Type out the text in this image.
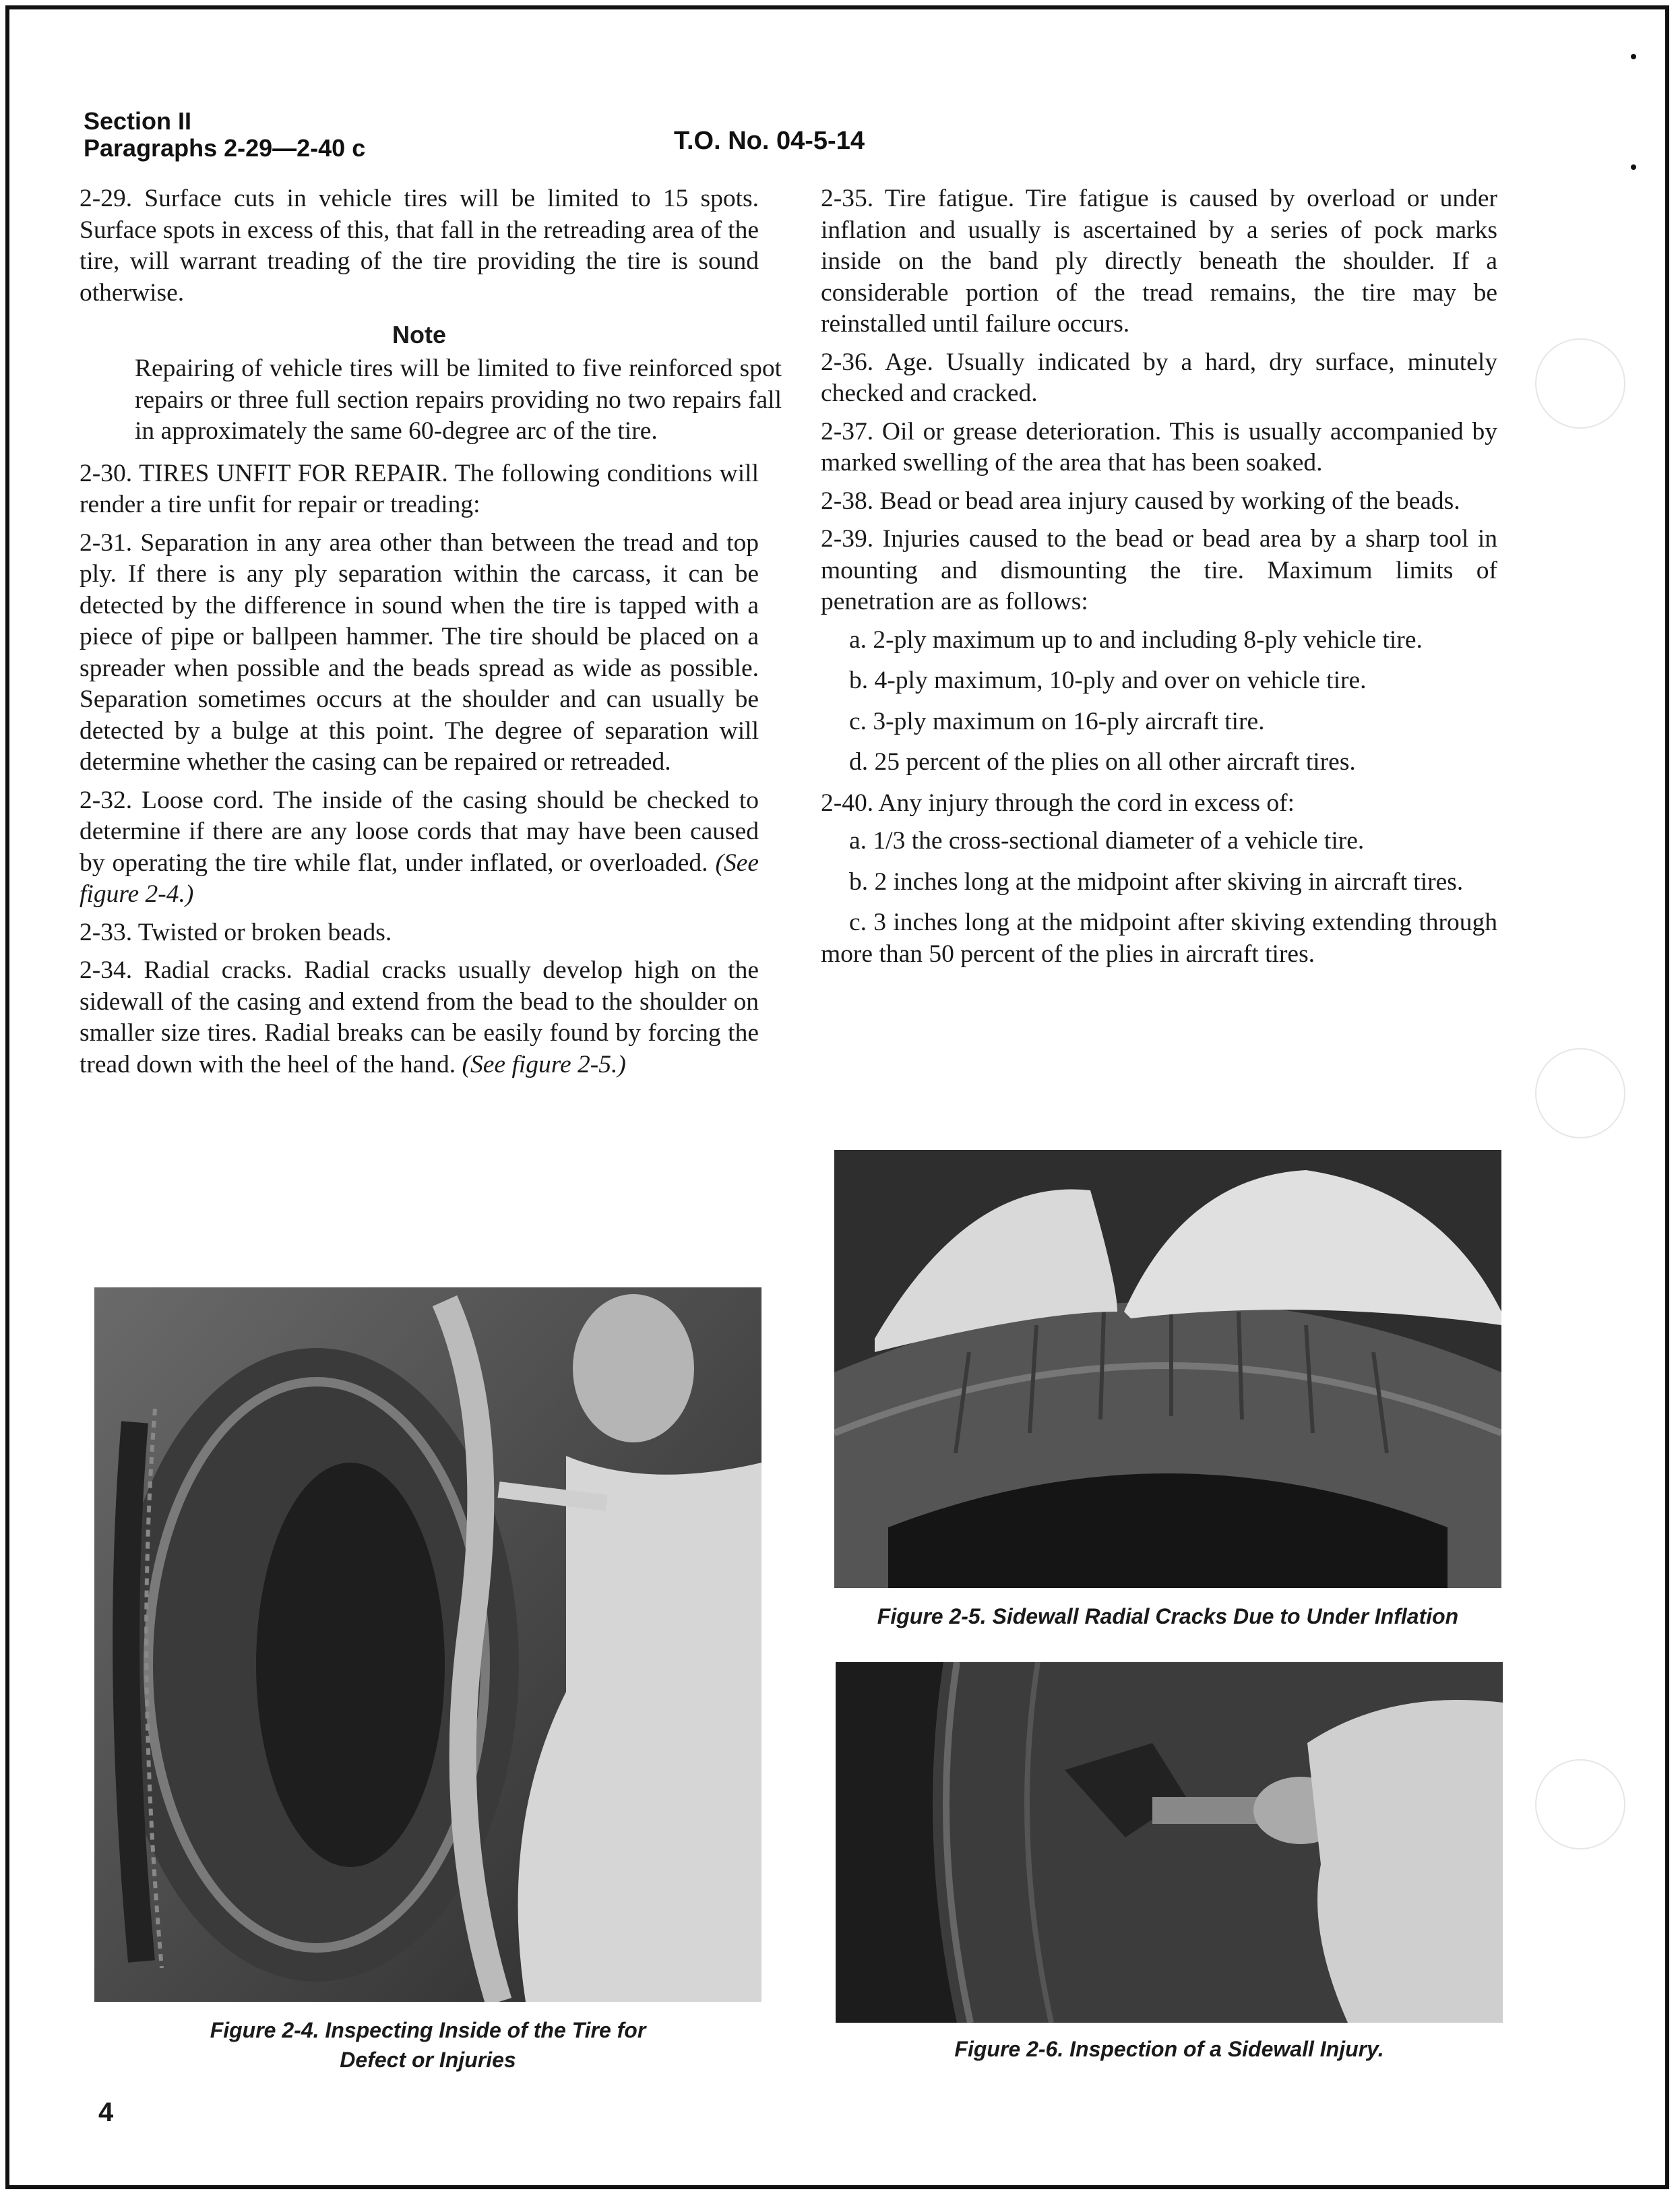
Section II
Paragraphs 2-29—2-40 c	T.O. No. 04-5-14

2-29. Surface cuts in vehicle tires will be limited to 15 spots. Surface spots in excess of this, that fall in the retreading area of the tire, will warrant treading of the tire providing the tire is sound otherwise.

Note

Repairing of vehicle tires will be limited to five reinforced spot repairs or three full section repairs providing no two repairs fall in approximately the same 60-degree arc of the tire.

2-30. TIRES UNFIT FOR REPAIR. The following conditions will render a tire unfit for repair or treading:

2-31. Separation in any area other than between the tread and top ply. If there is any ply separation within the carcass, it can be detected by the difference in sound when the tire is tapped with a piece of pipe or ballpeen hammer. The tire should be placed on a spreader when possible and the beads spread as wide as possible. Separation sometimes occurs at the shoulder and can usually be detected by a bulge at this point. The degree of separation will determine whether the casing can be repaired or retreaded.

2-32. Loose cord. The inside of the casing should be checked to determine if there are any loose cords that may have been caused by operating the tire while flat, under inflated, or overloaded. (See figure 2-4.)

2-33. Twisted or broken beads.

2-34. Radial cracks. Radial cracks usually develop high on the sidewall of the casing and extend from the bead to the shoulder on smaller size tires. Radial breaks can be easily found by forcing the tread down with the heel of the hand. (See figure 2-5.)

2-35. Tire fatigue. Tire fatigue is caused by overload or under inflation and usually is ascertained by a series of pock marks inside on the band ply directly beneath the shoulder. If a considerable portion of the tread remains, the tire may be reinstalled until failure occurs.

2-36. Age. Usually indicated by a hard, dry surface, minutely checked and cracked.

2-37. Oil or grease deterioration. This is usually accompanied by marked swelling of the area that has been soaked.

2-38. Bead or bead area injury caused by working of the beads.

2-39. Injuries caused to the bead or bead area by a sharp tool in mounting and dismounting the tire. Maximum limits of penetration are as follows:

a. 2-ply maximum up to and including 8-ply vehicle tire.

b. 4-ply maximum, 10-ply and over on vehicle tire.

c. 3-ply maximum on 16-ply aircraft tire.

d. 25 percent of the plies on all other aircraft tires.

2-40. Any injury through the cord in excess of:

a. 1/3 the cross-sectional diameter of a vehicle tire.

b. 2 inches long at the midpoint after skiving in aircraft tires.

c. 3 inches long at the midpoint after skiving extending through more than 50 percent of the plies in aircraft tires.

Figure 2-4. Inspecting Inside of the Tire for
Defect or Injuries
Figure 2-5. Sidewall Radial Cracks Due to Under Inflation
Figure 2-6. Inspection of a Sidewall Injury.
4
